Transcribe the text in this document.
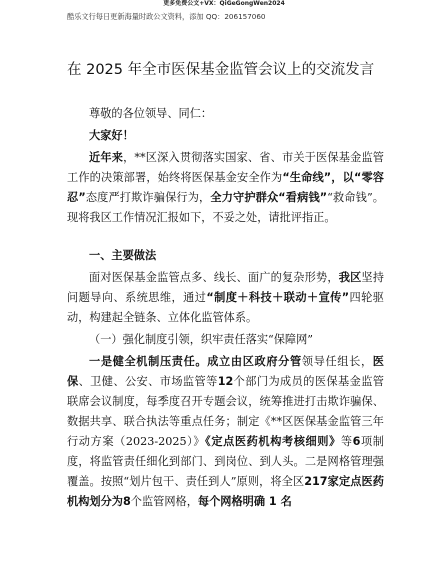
更多免费公文+VX：QiGeGongWen2024
酷乐文行每日更新海量时政公文资料，添加 QQ：206157060
在 2025 年全市医保基金监管会议上的交流发言

尊敬的各位领导、同仁：

大家好！

近年来，**区深入贯彻落实国家、省、市关于医保基金监管工作的决策部署，始终将医保基金安全作为“生命线”，以“零容忍”态度严打欺诈骗保行为，全力守护群众“看病钱”“救命钱”。现将我区工作情况汇报如下，不妥之处，请批评指正。

一、主要做法

面对医保基金监管点多、线长、面广的复杂形势，我区坚持问题导向、系统思维，通过“制度＋科技＋联动＋宣传”四轮驱动，构建起全链条、立体化监管体系。

（一）强化制度引领，织牢责任落实“保障网”

一是健全机制压责任。成立由区政府分管领导任组长，医保、卫健、公安、市场监管等12个部门为成员的医保基金监管联席会议制度，每季度召开专题会议，统筹推进打击欺诈骗保、数据共享、联合执法等重点任务；制定《**区医保基金监管三年行动方案（2023-2025）》《定点医药机构考核细则》等6项制度，将监管责任细化到部门、到岗位、到人头。二是网格管理强覆盖。按照“划片包干、责任到人”原则，将全区217家定点医药机构划分为8个监管网格，每个网格明确 1 名
